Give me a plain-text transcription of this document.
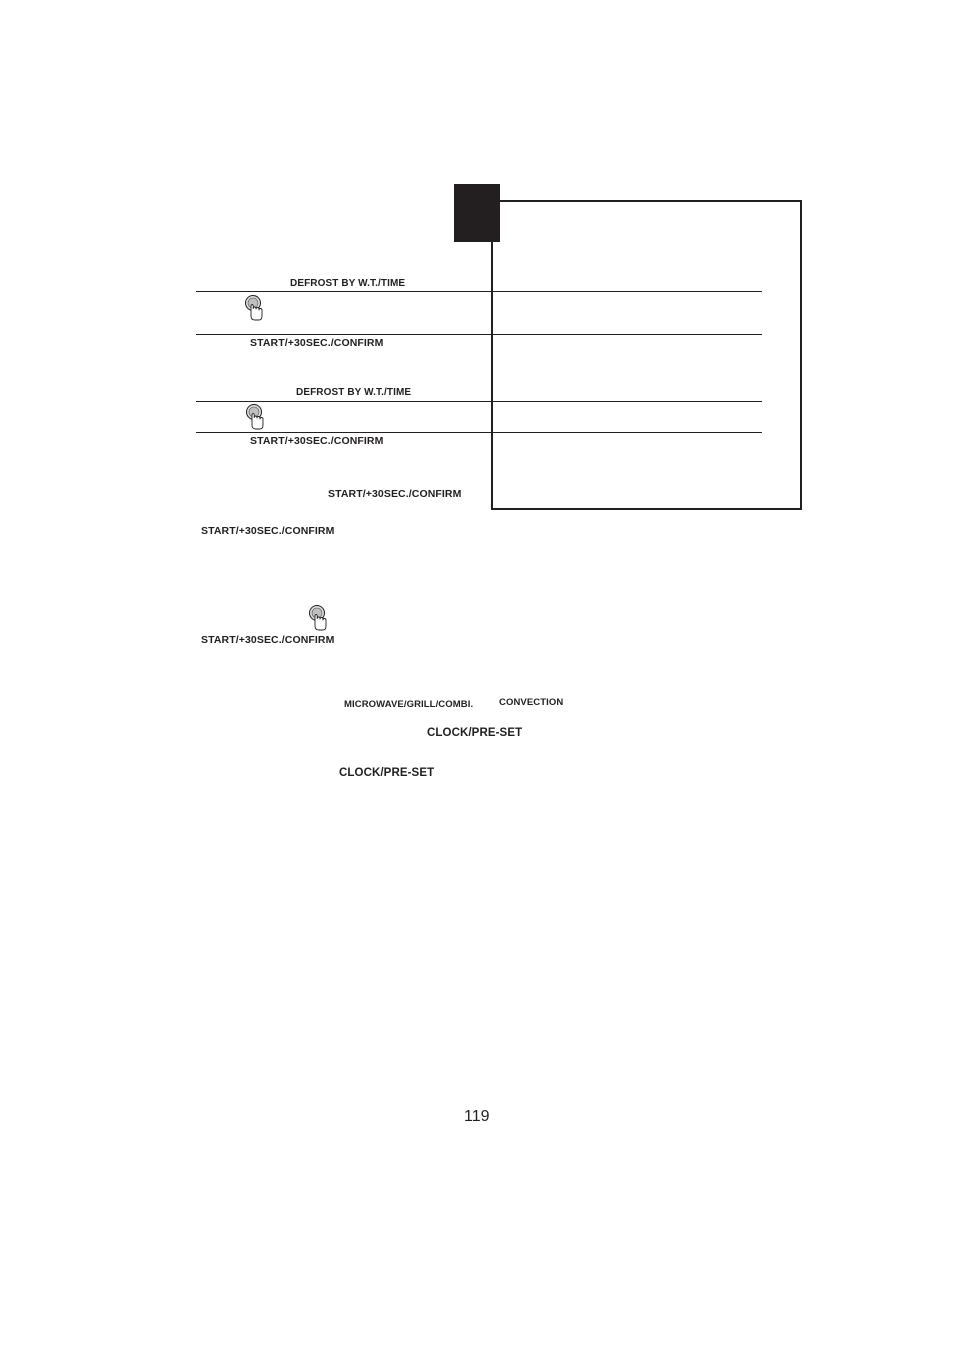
DEFROST BY W.T./TIME
START/+30SEC./CONFIRM
DEFROST BY W.T./TIME
START/+30SEC./CONFIRM
START/+30SEC./CONFIRM
START/+30SEC./CONFIRM
START/+30SEC./CONFIRM
MICROWAVE/GRILL/COMBI.	CONVECTION
CLOCK/PRE-SET
CLOCK/PRE-SET
119
